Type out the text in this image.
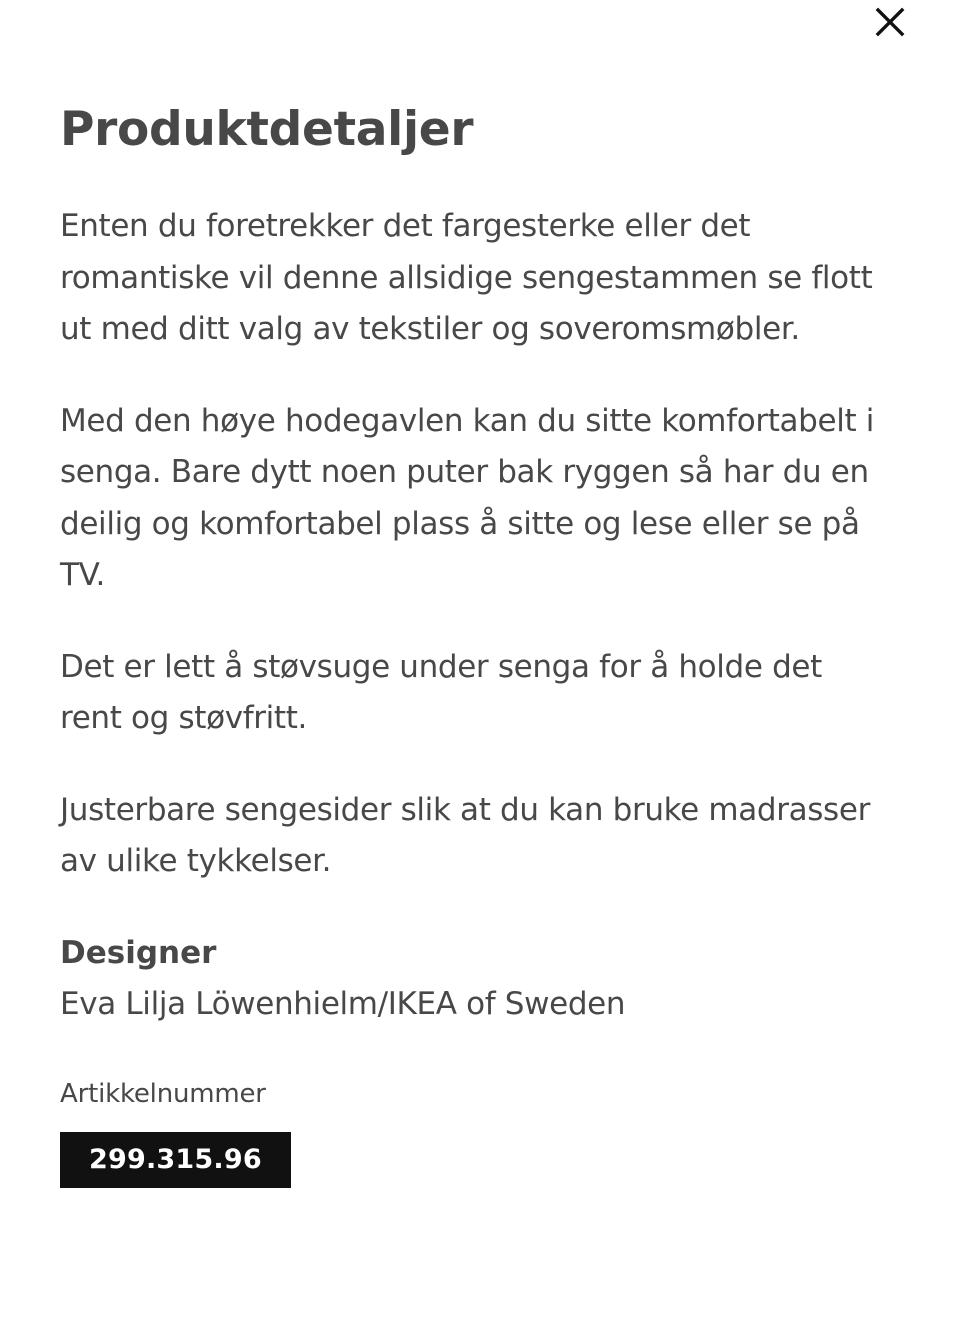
Produktdetaljer

Enten du foretrekker det fargesterke eller det romantiske vil denne allsidige sengestammen se flott ut med ditt valg av tekstiler og soveromsmøbler.

Med den høye hodegavlen kan du sitte komfortabelt i senga. Bare dytt noen puter bak ryggen så har du en deilig og komfortabel plass å sitte og lese eller se på TV.

Det er lett å støvsuge under senga for å holde det rent og støvfritt.

Justerbare sengesider slik at du kan bruke madrasser av ulike tykkelser.

Designer
Eva Lilja Löwenhielm/IKEA of Sweden
Artikkelnummer
299.315.96
